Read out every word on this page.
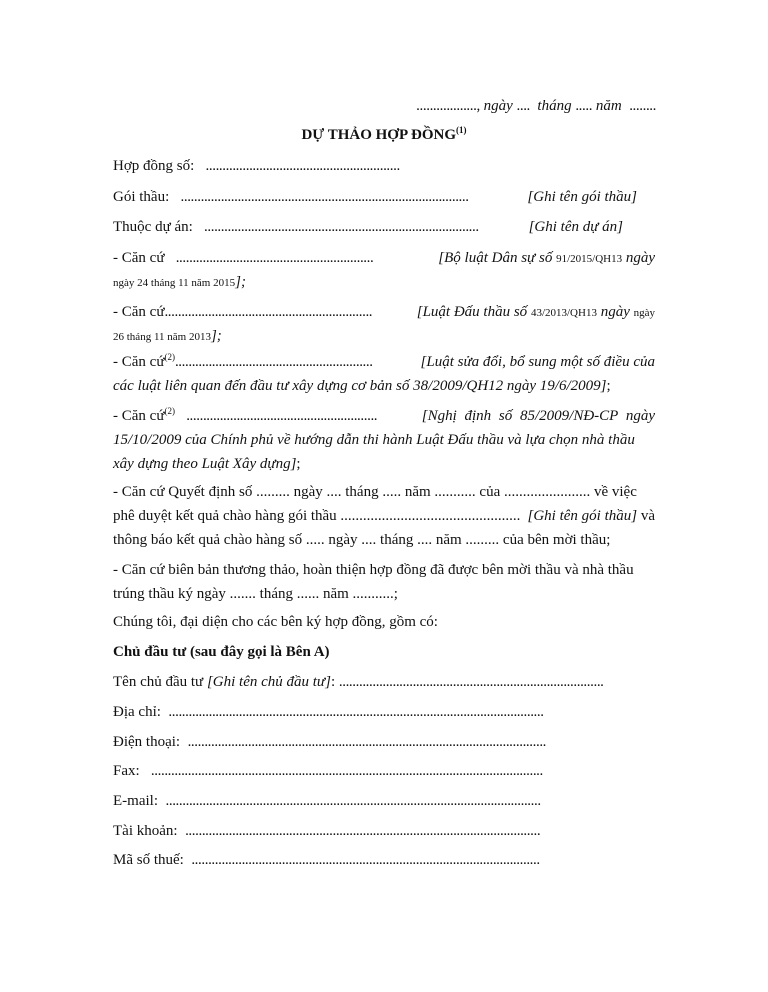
.................., ngày .... tháng ..... năm ........
DỰ THẢO HỢP ĐỒNG$^{(1)}$
Hợp đồng số: ..........................................................
Gói thầu: ......................................................................................	[Ghi tên gói thầu]
Thuộc dự án: ..................................................................................	[Ghi tên dự án]
- Căn cứ ...........................................................	[Bộ luật Dân sự số 91/2015/QH13 ngày
ngày 24 tháng 11 năm 2015];
- Căn cứ..............................................................	[Luật Đấu thầu số 43/2013/QH13 ngày ngày
26 tháng 11 năm 2013];
- Căn cứ$^{(2)}$...........................................................	[Luật sửa đổi, bổ sung một số điều của
các luật liên quan đến đầu tư xây dựng cơ bản số 38/2009/QH12 ngày 19/6/2009];
- Căn cứ$^{(2)}$ .........................................................	[Nghị định số 85/2009/NĐ-CP ngày
15/10/2009 của Chính phủ về hướng dẫn thi hành Luật Đấu thầu và lựa chọn nhà thầu
xây dựng theo Luật Xây dựng];
- Căn cứ Quyết định số ......... ngày .... tháng ..... năm ........... của ....................... về việc
phê duyệt kết quả chào hàng gói thầu ................................................ [Ghi tên gói thầu] và
thông báo kết quả chào hàng số ..... ngày .... tháng .... năm ......... của bên mời thầu;
- Căn cứ biên bản thương thảo, hoàn thiện hợp đồng đã được bên mời thầu và nhà thầu
trúng thầu ký ngày ....... tháng ...... năm ...........;
Chúng tôi, đại diện cho các bên ký hợp đồng, gồm có:
Chủ đầu tư (sau đây gọi là Bên A)
Tên chủ đầu tư [Ghi tên chủ đầu tư]: ...............................................................................
Địa chỉ: ................................................................................................................
Điện thoại: ...........................................................................................................
Fax: .....................................................................................................................
E-mail: ................................................................................................................
Tài khoản: ..........................................................................................................
Mã số thuế: ........................................................................................................
